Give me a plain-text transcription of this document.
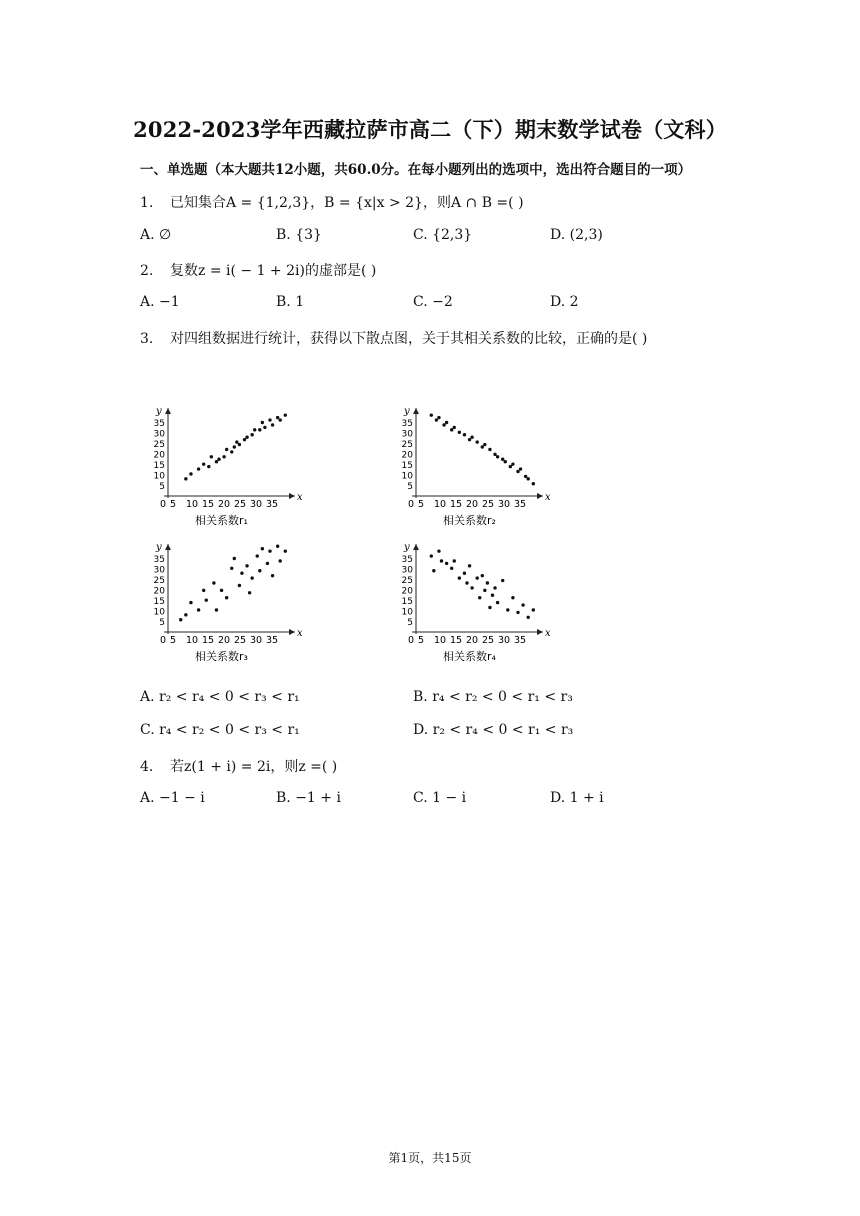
2022-2023学年西藏拉萨市高二（下）期末数学试卷（文科）
一、单选题（本大题共12小题，共60.0分。在每小题列出的选项中，选出符合题目的一项）
1. 已知集合A = {1,2,3}，B = {x|x > 2}，则A ∩ B =( )
A. ∅	B. {3}	C. {2,3}	D. (2,3)
2. 复数z = i( − 1 + 2i)的虚部是( )
A. −1	B. 1	C. −2	D. 2
3. 对四组数据进行统计，获得以下散点图，关于其相关系数的比较，正确的是( )
y
x
35
30
25
20
15
10
5
0 5 10 15 20 25 30 35
相关系数r₁
y
x
35
30
25
20
15
10
5
0 5 10 15 20 25 30 35
相关系数r₂
y
x
35
30
25
20
15
10
5
0 5 10 15 20 25 30 35
相关系数r₃
y
x
35
30
25
20
15
10
5
0 5 10 15 20 25 30 35
相关系数r₄
A. r₂ < r₄ < 0 < r₃ < r₁	B. r₄ < r₂ < 0 < r₁ < r₃
C. r₄ < r₂ < 0 < r₃ < r₁	D. r₂ < r₄ < 0 < r₁ < r₃
4. 若z(1 + i) = 2i，则z =( )
A. −1 − i	B. −1 + i	C. 1 − i	D. 1 + i
第1页，共15页
